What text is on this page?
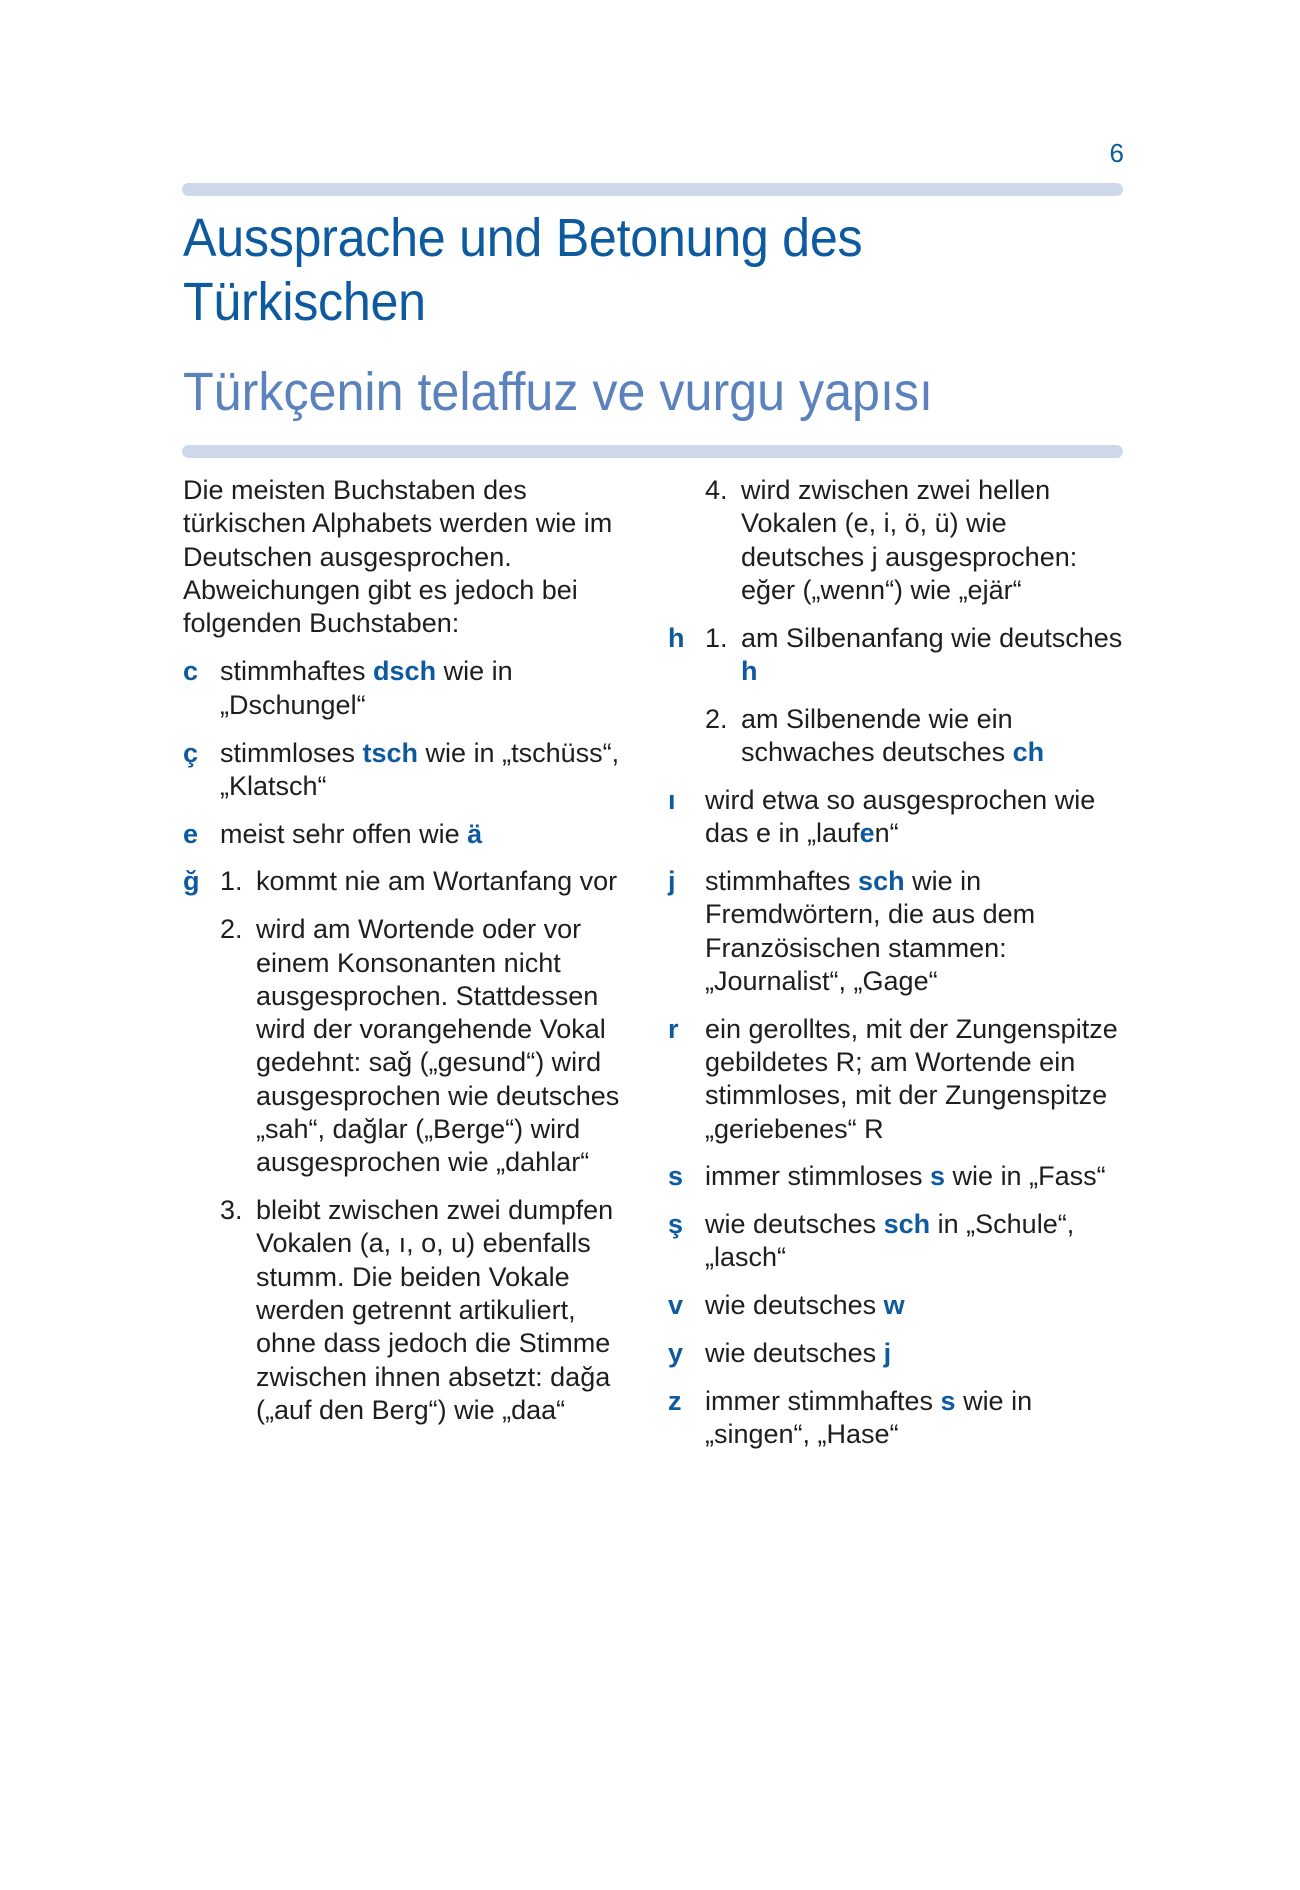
6
Aussprache und Betonung des Türkischen
Türkçenin telaffuz ve vurgu yapısı

Die meisten Buchstaben des türkischen Alphabets werden wie im Deutschen ausgesprochen. Abweichungen gibt es jedoch bei folgenden Buchstaben:

c stimmhaftes dsch wie in „Dschungel“
ç stimmloses tsch wie in „tschüss“, „Klatsch“
e meist sehr offen wie ä
ğ 1. kommt nie am Wortanfang vor
2. wird am Wortende oder vor einem Konsonanten nicht ausgesprochen. Stattdessen wird der vorangehende Vokal gedehnt: sağ („gesund“) wird ausgesprochen wie deutsches „sah“, dağlar („Berge“) wird ausgesprochen wie „dahlar“
3. bleibt zwischen zwei dumpfen Vokalen (a, ı, o, u) ebenfalls stumm. Die beiden Vokale werden getrennt artikuliert, ohne dass jedoch die Stimme zwischen ihnen absetzt: dağa („auf den Berg“) wie „daa“
4. wird zwischen zwei hellen Vokalen (e, i, ö, ü) wie deutsches j ausgesprochen: eğer („wenn“) wie „ejär“
h 1. am Silbenanfang wie deutsches h
2. am Silbenende wie ein schwaches deutsches ch
ı	wird etwa so ausgesprochen wie das e in „laufen“
j	stimmhaftes sch wie in Fremdwörtern, die aus dem Französischen stammen: „Journalist“, „Gage“
r ein gerolltes, mit der Zungenspitze gebildetes R; am Wortende ein stimmloses, mit der Zungenspitze „geriebenes“ R
s immer stimmloses s wie in „Fass“
ş wie deutsches sch in „Schule“, „lasch“
v wie deutsches w
y wie deutsches j
z immer stimmhaftes s wie in „singen“, „Hase“
